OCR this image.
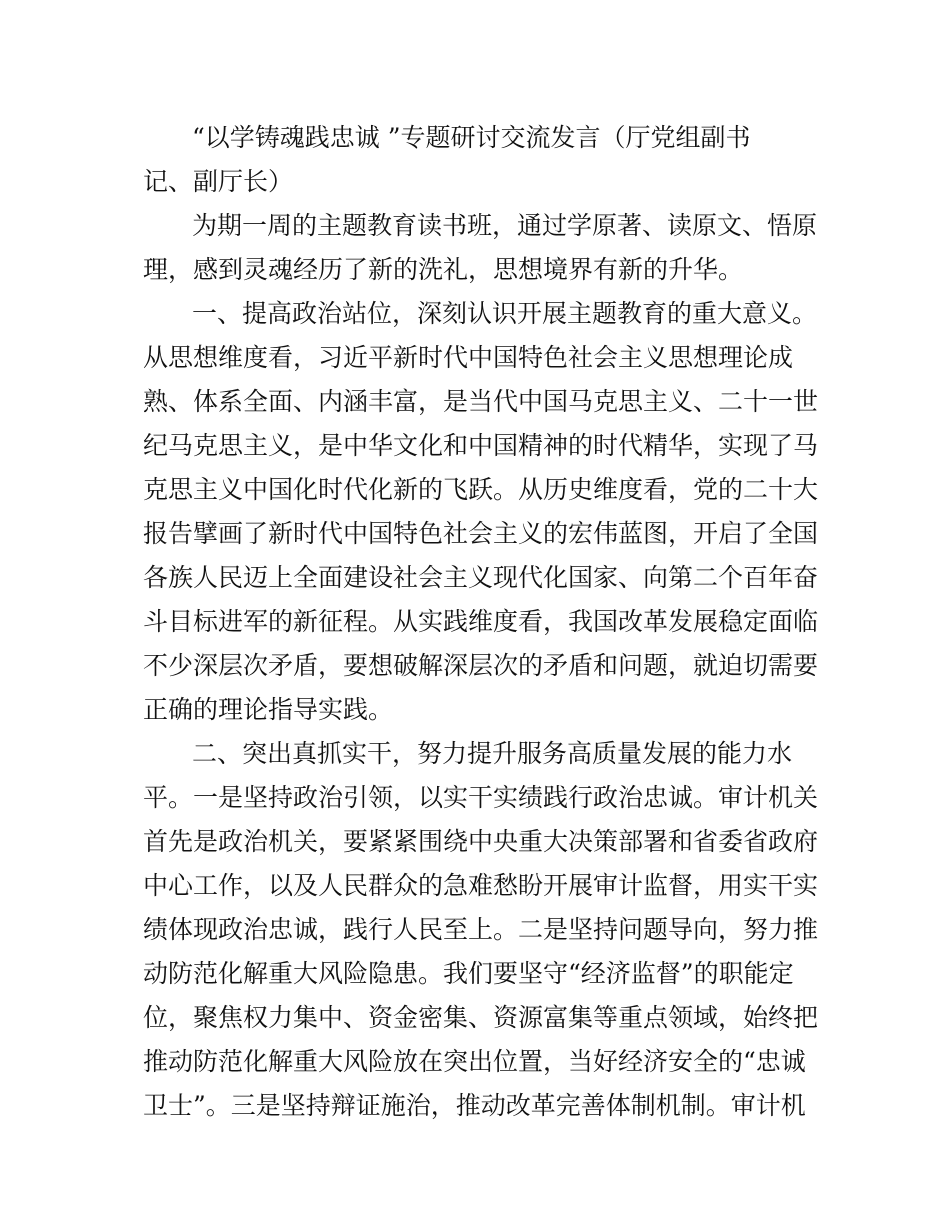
“以学铸魂践忠诚 ”专题研讨交流发言（厅党组副书
记、副厅长）
为期一周的主题教育读书班，通过学原著、读原文、悟原
理，感到灵魂经历了新的洗礼，思想境界有新的升华。
一、提高政治站位，深刻认识开展主题教育的重大意义。
从思想维度看，习近平新时代中国特色社会主义思想理论成
熟、体系全面、内涵丰富，是当代中国马克思主义、二十一世
纪马克思主义，是中华文化和中国精神的时代精华，实现了马
克思主义中国化时代化新的飞跃。从历史维度看，党的二十大
报告擘画了新时代中国特色社会主义的宏伟蓝图，开启了全国
各族人民迈上全面建设社会主义现代化国家、向第二个百年奋
斗目标进军的新征程。从实践维度看，我国改革发展稳定面临
不少深层次矛盾，要想破解深层次的矛盾和问题，就迫切需要
正确的理论指导实践。
二、突出真抓实干，努力提升服务高质量发展的能力水
平。一是坚持政治引领，以实干实绩践行政治忠诚。审计机关
首先是政治机关，要紧紧围绕中央重大决策部署和省委省政府
中心工作，以及人民群众的急难愁盼开展审计监督，用实干实
绩体现政治忠诚，践行人民至上。二是坚持问题导向，努力推
动防范化解重大风险隐患。我们要坚守“经济监督”的职能定
位，聚焦权力集中、资金密集、资源富集等重点领域，始终把
推动防范化解重大风险放在突出位置，当好经济安全的“忠诚
卫士”。三是坚持辩证施治，推动改革完善体制机制。审计机
